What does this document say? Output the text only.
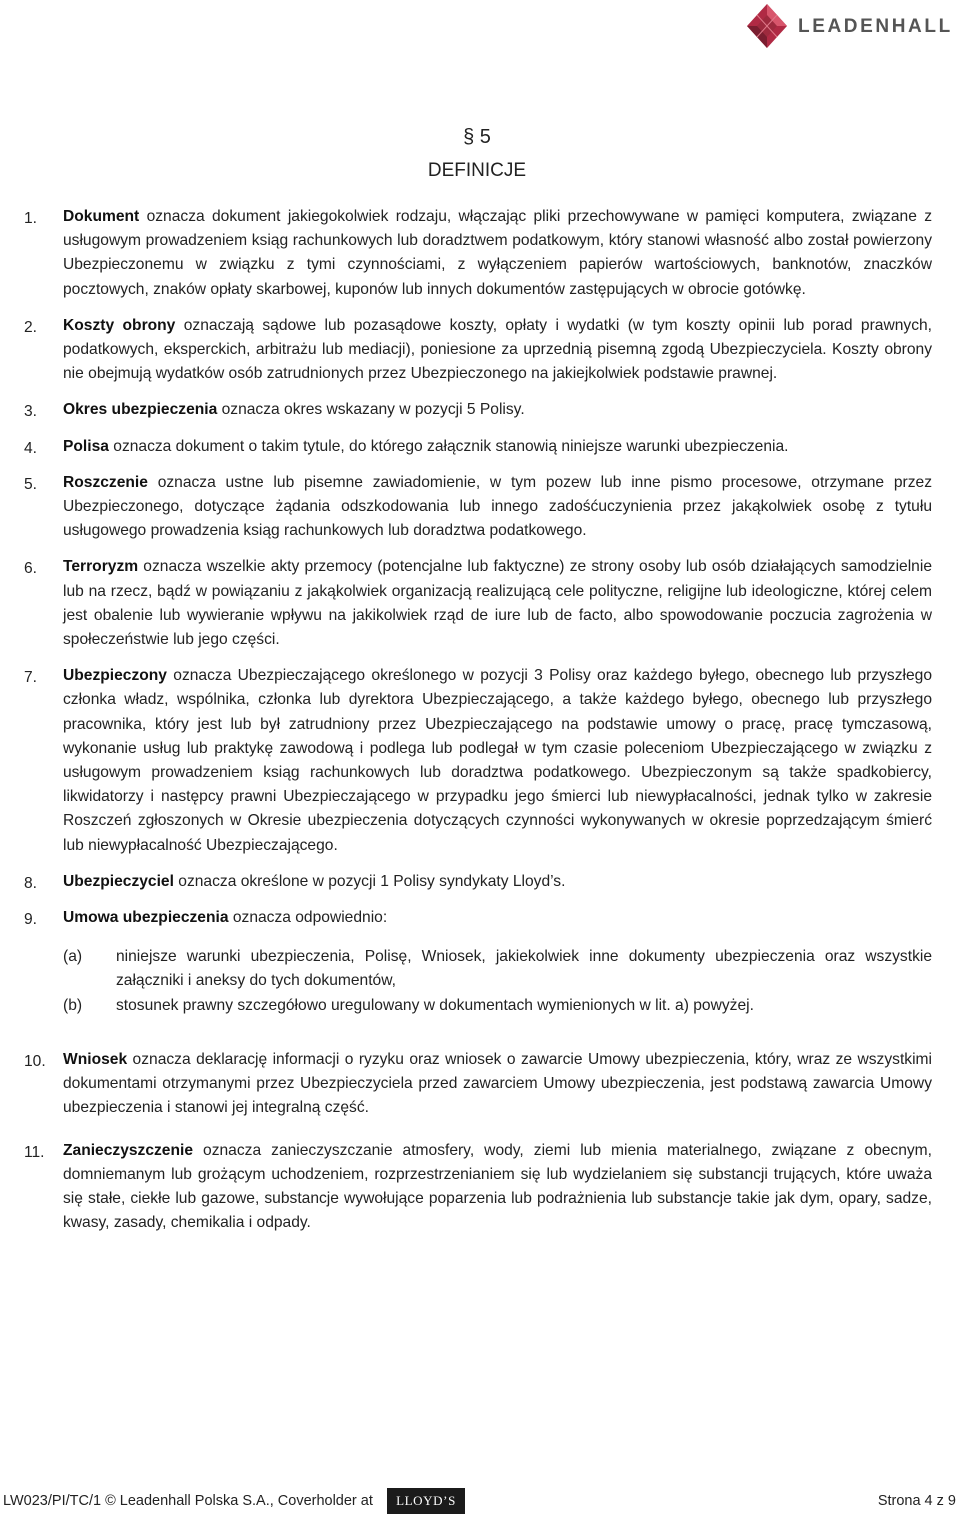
LEADENHALL
§ 5
DEFINICJE
1. Dokument oznacza dokument jakiegokolwiek rodzaju, włączając pliki przechowywane w pamięci komputera, związane z usługowym prowadzeniem ksiąg rachunkowych lub doradztwem podatkowym, który stanowi własność albo został powierzony Ubezpieczonemu w związku z tymi czynnościami, z wyłączeniem papierów wartościowych, banknotów, znaczków pocztowych, znaków opłaty skarbowej, kuponów lub innych dokumentów zastępujących w obrocie gotówkę.
2. Koszty obrony oznaczają sądowe lub pozasądowe koszty, opłaty i wydatki (w tym koszty opinii lub porad prawnych, podatkowych, eksperckich, arbitrażu lub mediacji), poniesione za uprzednią pisemną zgodą Ubezpieczyciela. Koszty obrony nie obejmują wydatków osób zatrudnionych przez Ubezpieczonego na jakiejkolwiek podstawie prawnej.
3. Okres ubezpieczenia oznacza okres wskazany w pozycji 5 Polisy.
4. Polisa oznacza dokument o takim tytule, do którego załącznik stanowią niniejsze warunki ubezpieczenia.
5. Roszczenie oznacza ustne lub pisemne zawiadomienie, w tym pozew lub inne pismo procesowe, otrzymane przez Ubezpieczonego, dotyczące żądania odszkodowania lub innego zadośćuczynienia przez jakąkolwiek osobę z tytułu usługowego prowadzenia ksiąg rachunkowych lub doradztwa podatkowego.
6. Terroryzm oznacza wszelkie akty przemocy (potencjalne lub faktyczne) ze strony osoby lub osób działających samodzielnie lub na rzecz, bądź w powiązaniu z jakąkolwiek organizacją realizującą cele polityczne, religijne lub ideologiczne, której celem jest obalenie lub wywieranie wpływu na jakikolwiek rząd de iure lub de facto, albo spowodowanie poczucia zagrożenia w społeczeństwie lub jego części.
7. Ubezpieczony oznacza Ubezpieczającego określonego w pozycji 3 Polisy oraz każdego byłego, obecnego lub przyszłego członka władz, wspólnika, członka lub dyrektora Ubezpieczającego, a także każdego byłego, obecnego lub przyszłego pracownika, który jest lub był zatrudniony przez Ubezpieczającego na podstawie umowy o pracę, pracę tymczasową, wykonanie usług lub praktykę zawodową i podlega lub podlegał w tym czasie poleceniom Ubezpieczającego w związku z usługowym prowadzeniem ksiąg rachunkowych lub doradztwa podatkowego. Ubezpieczonym są także spadkobiercy, likwidatorzy i następcy prawni Ubezpieczającego w przypadku jego śmierci lub niewypłacalności, jednak tylko w zakresie Roszczeń zgłoszonych w Okresie ubezpieczenia dotyczących czynności wykonywanych w okresie poprzedzającym śmierć lub niewypłacalność Ubezpieczającego.
8. Ubezpieczyciel oznacza określone w pozycji 1 Polisy syndykaty Lloyd’s.
9. Umowa ubezpieczenia oznacza odpowiednio:
(a) niniejsze warunki ubezpieczenia, Polisę, Wniosek, jakiekolwiek inne dokumenty ubezpieczenia oraz wszystkie załączniki i aneksy do tych dokumentów,
(b) stosunek prawny szczegółowo uregulowany w dokumentach wymienionych w lit. a) powyżej.
10. Wniosek oznacza deklarację informacji o ryzyku oraz wniosek o zawarcie Umowy ubezpieczenia, który, wraz ze wszystkimi dokumentami otrzymanymi przez Ubezpieczyciela przed zawarciem Umowy ubezpieczenia, jest podstawą zawarcia Umowy ubezpieczenia i stanowi jej integralną część.
11. Zanieczyszczenie oznacza zanieczyszczanie atmosfery, wody, ziemi lub mienia materialnego, związane z obecnym, domniemanym lub grożącym uchodzeniem, rozprzestrzenianiem się lub wydzielaniem się substancji trujących, które uważa się stałe, ciekłe lub gazowe, substancje wywołujące poparzenia lub podrażnienia lub substancje takie jak dym, opary, sadze, kwasy, zasady, chemikalia i odpady.
LW023/PI/TC/1 © Leadenhall Polska S.A., Coverholder at	LLOYD’S	Strona 4 z 9
